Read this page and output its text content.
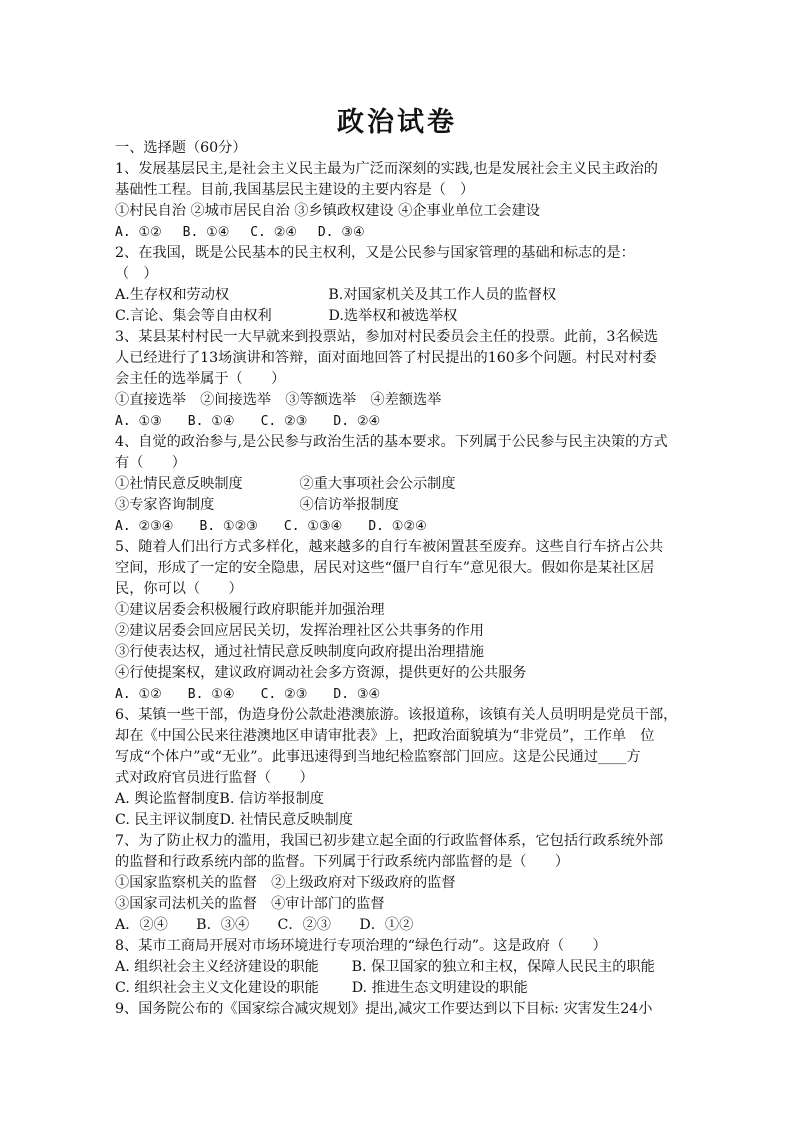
政治试卷
一、选择题（60分）
1、发展基层民主,是社会主义民主最为广泛而深刻的实践,也是发展社会主义民主政治的
基础性工程。目前,我国基层民主建设的主要内容是（　）
①村民自治 ②城市居民自治 ③乡镇政权建设 ④企事业单位工会建设
A. ①② 　B. ①④ 　C. ②④ 　D. ③④
2、在我国，既是公民基本的民主权利，又是公民参与国家管理的基础和标志的是：
（　）
A.生存权和劳动权　　　　　　　B.对国家机关及其工作人员的监督权
C.言论、集会等自由权利　　　　D.选举权和被选举权
3、某县某村村民一大早就来到投票站，参加对村民委员会主任的投票。此前，3名候选
人已经进行了13场演讲和答辩，面对面地回答了村民提出的160多个问题。村民对村委
会主任的选举属于（　　）
①直接选举　②间接选举　③等额选举　④差额选举
A. ①③　　B. ①④　　C. ②③　　D. ②④
4、自觉的政治参与,是公民参与政治生活的基本要求。下列属于公民参与民主决策的方式
有（　　）
①社情民意反映制度　　　　②重大事项社会公示制度
③专家咨询制度　　　　　　④信访举报制度
A. ②③④　　B. ①②③　　C. ①③④　　D. ①②④
5、随着人们出行方式多样化，越来越多的自行车被闲置甚至废弃。这些自行车挤占公共
空间，形成了一定的安全隐患，居民对这些“僵尸自行车”意见很大。假如你是某社区居
民，你可以（　　）
①建议居委会积极履行政府职能并加强治理
②建议居委会回应居民关切，发挥治理社区公共事务的作用
③行使表达权，通过社情民意反映制度向政府提出治理措施
④行使提案权，建议政府调动社会多方资源，提供更好的公共服务
A. ①②　　B. ①④　　C. ②③　　D. ③④
6、某镇一些干部，伪造身份公款赴港澳旅游。该报道称，该镇有关人员明明是党员干部，
却在《中国公民来往港澳地区申请审批表》上，把政治面貌填为“非党员”，工作单　位
写成“个体户”或“无业”。此事迅速得到当地纪检监察部门回应。这是公民通过____方
式对政府官员进行监督（　　）
A. 舆论监督制度B. 信访举报制度
C. 民主评议制度D. 社情民意反映制度
7、为了防止权力的滥用，我国已初步建立起全面的行政监督体系，它包括行政系统外部
的监督和行政系统内部的监督。下列属于行政系统内部监督的是（　　）
①国家监察机关的监督　②上级政府对下级政府的监督
③国家司法机关的监督　④审计部门的监督
A．②④　　B．③④　　C．②③　　D．①②
8、某市工商局开展对市场环境进行专项治理的“绿色行动”。这是政府（　　）
A. 组织社会主义经济建设的职能　　 B. 保卫国家的独立和主权，保障人民民主的职能
C. 组织社会主义文化建设的职能　　 D. 推进生态文明建设的职能
9、国务院公布的《国家综合减灾规划》提出,减灾工作要达到以下目标: 灾害发生24小
